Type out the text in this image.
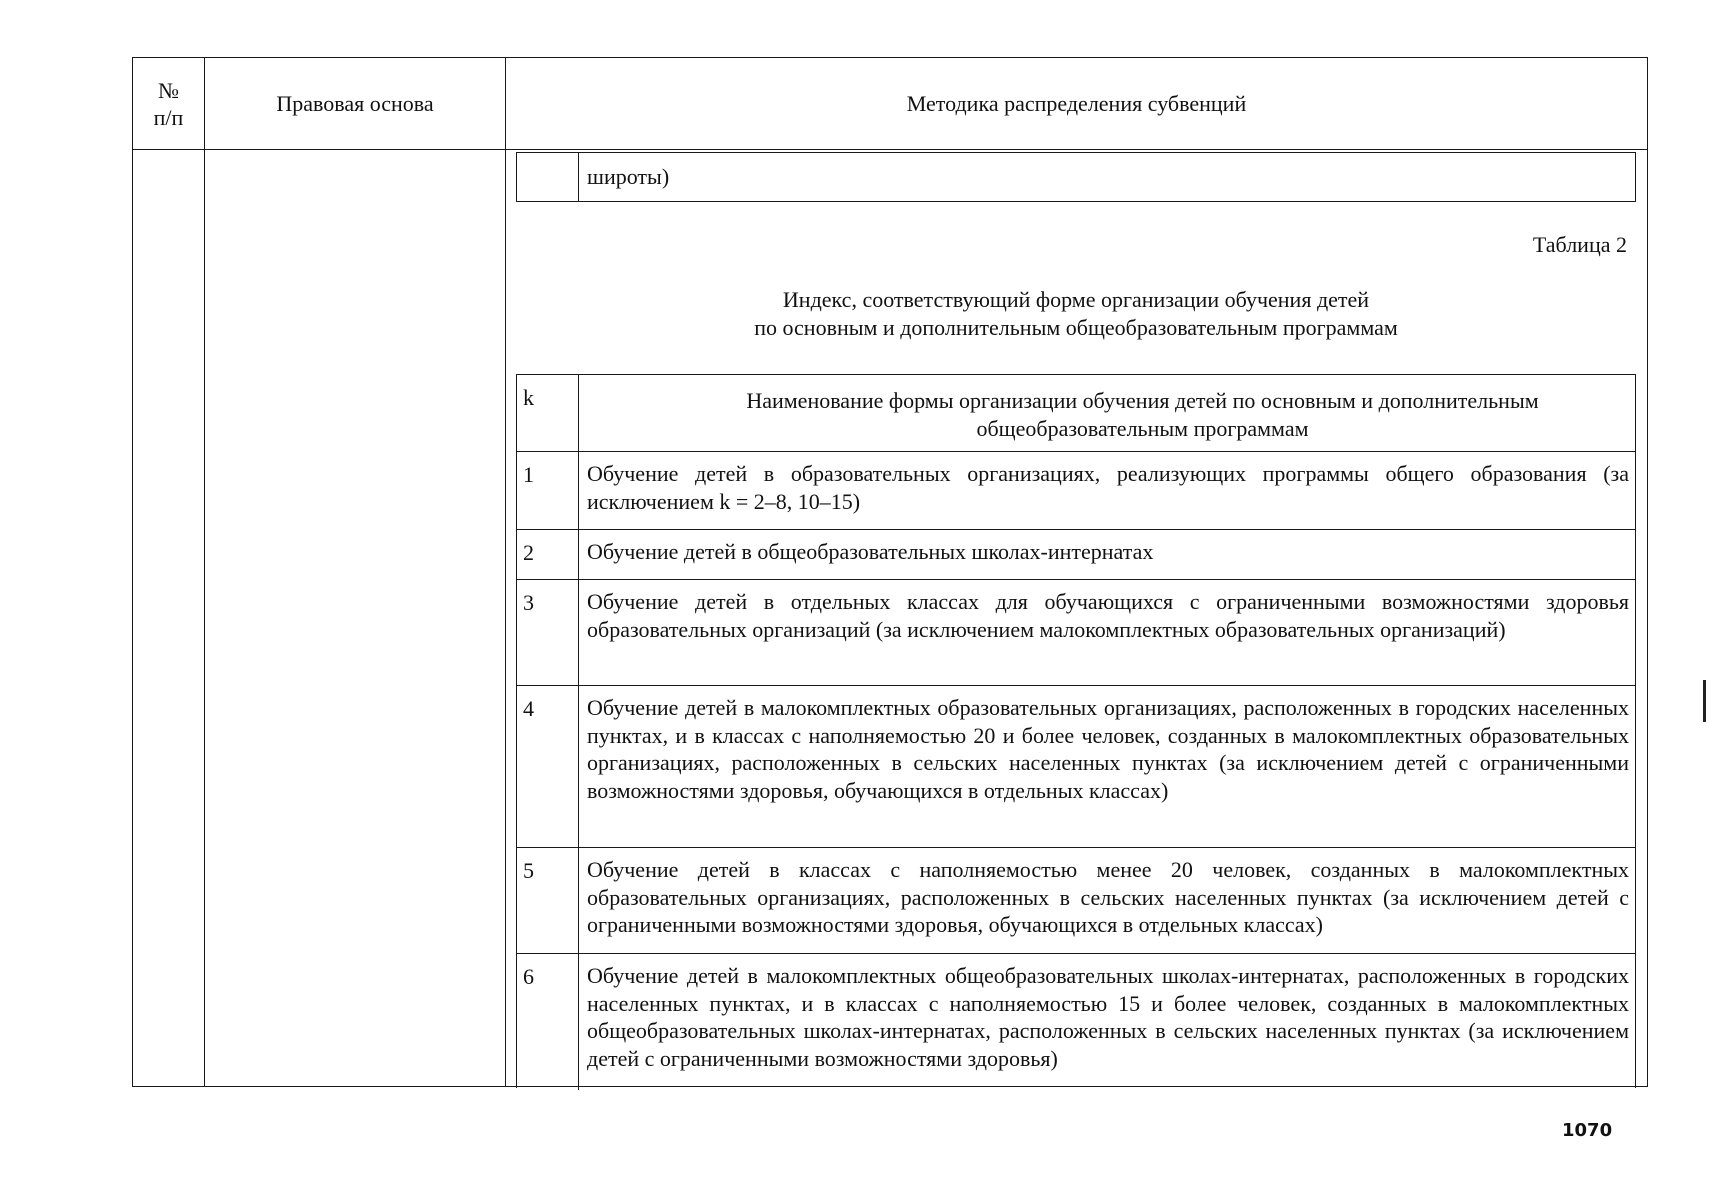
№
п/п
Правовая основа	Методика распределения субвенций
широты)
Таблица 2
Индекс, соответствующий форме организации обучения детей
по основным и дополнительным общеобразовательным программам
k	Наименование формы организации обучения детей по основным и дополнительным общеобразовательным программам
1	Обучение детей в образовательных организациях, реализующих программы общего образования (за исключением k = 2–8, 10–15)
2	Обучение детей в общеобразовательных школах-интернатах
3	Обучение детей в отдельных классах для обучающихся с ограниченными возможностями здоровья образовательных организаций (за исключением малокомплектных образовательных организаций)
4	Обучение детей в малокомплектных образовательных организациях, расположенных в городских населенных пунктах, и в классах с наполняемостью 20 и более человек, созданных в малокомплектных образовательных организациях, расположенных в сельских населенных пунктах (за исключением детей с ограниченными возможностями здоровья, обучающихся в отдельных классах)
5	Обучение детей в классах с наполняемостью менее 20 человек, созданных в малокомплектных образовательных организациях, расположенных в сельских населенных пунктах (за исключением детей с ограниченными возможностями здоровья, обучающихся в отдельных классах)
6	Обучение детей в малокомплектных общеобразовательных школах-интернатах, расположенных в городских населенных пунктах, и в классах с наполняемостью 15 и более человек, созданных в малокомплектных общеобразовательных школах-интернатах, расположенных в сельских населенных пунктах (за исключением детей с ограниченными возможностями здоровья)
1070
